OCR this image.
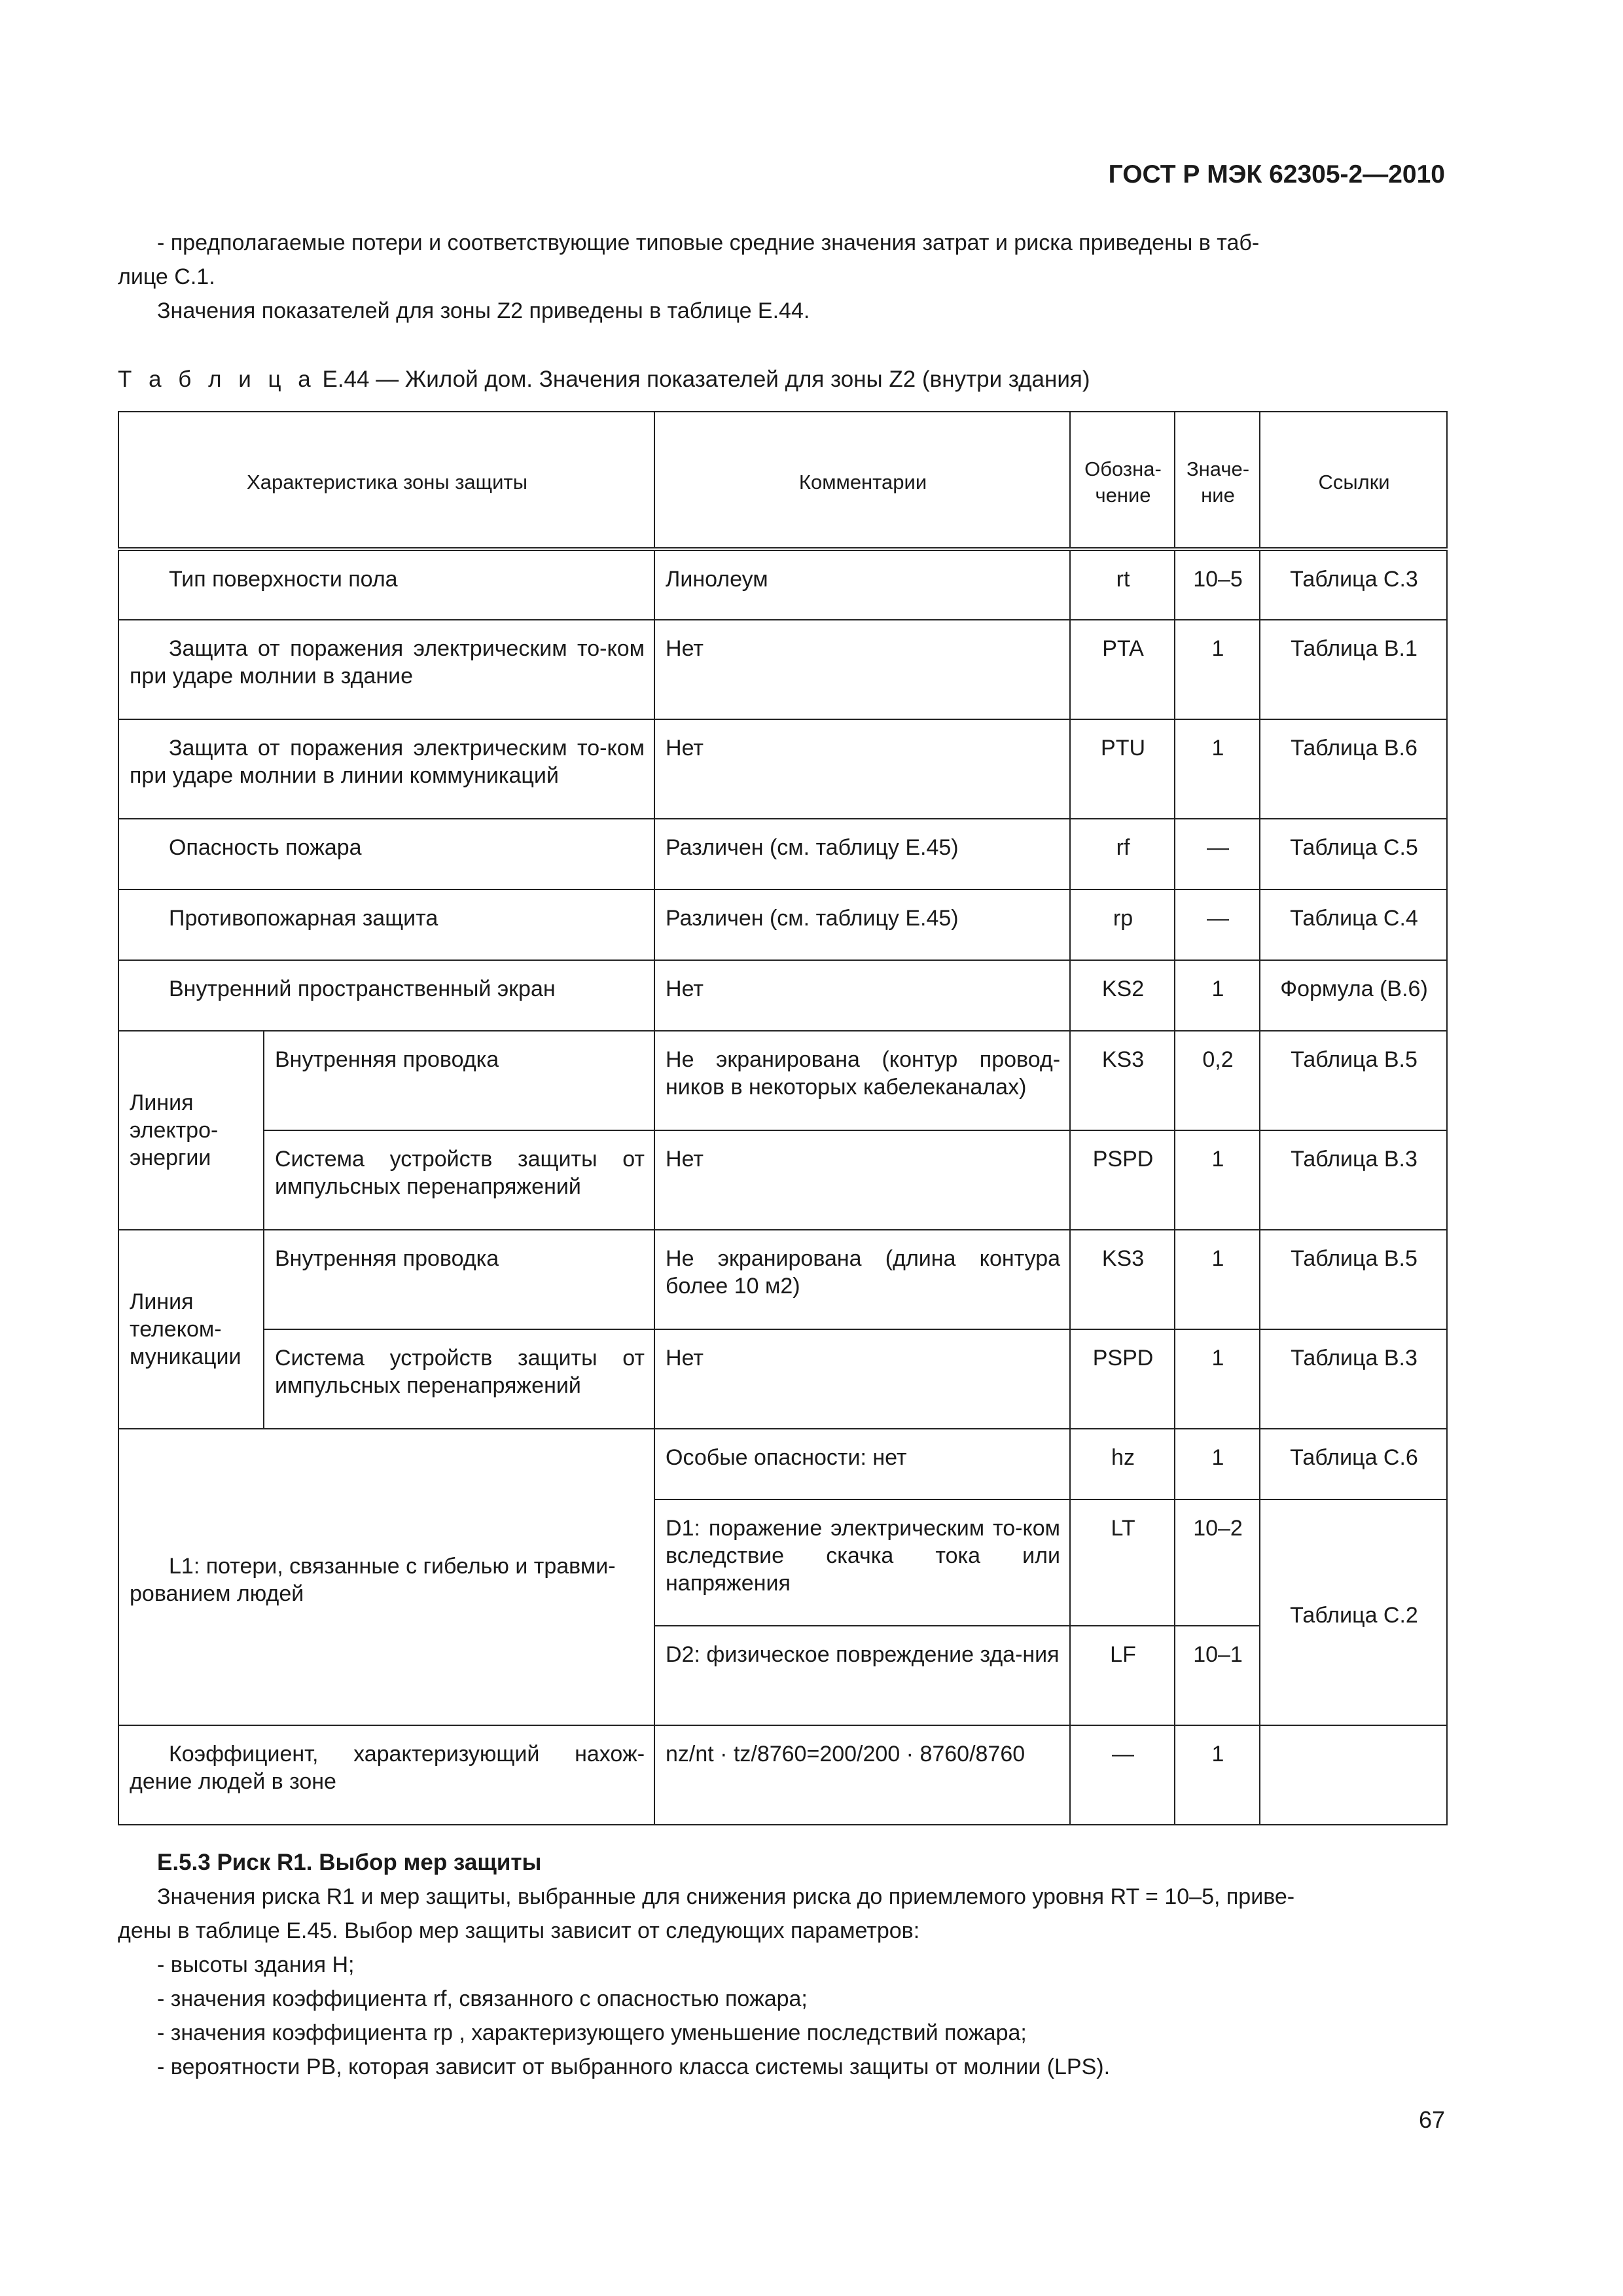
ГОСТ Р МЭК 62305-2—2010
- предполагаемые потери и соответствующие типовые средние значения затрат и риска приведены в таб-
лице С.1.
Значения показателей для зоны Z2 приведены в таблице E.44.
Т а б л и ц а E.44 — Жилой дом. Значения показателей для зоны Z2 (внутри здания)
Характеристика зоны защиты		Комментарии	Обозна-чение	Значе-ние	Ссылки
Тип поверхности пола		Линолеум	rt	10–5	Таблица С.3
Защита от поражения электрическим то-ком при ударе молнии в здание		Нет	PTA	1	Таблица В.1
Защита от поражения электрическим то-ком при ударе молнии в линии коммуникаций		Нет	PTU	1	Таблица В.6
Опасность пожара		Различен (см. таблицу E.45)	rf	—	Таблица С.5
Противопожарная защита		Различен (см. таблицу E.45)	rp	—	Таблица С.4
Внутренний пространственный экран		Нет	KS2	1	Формула (В.6)
Линия электро-энергии	Внутренняя проводка	Не экранирована (контур провод-ников в некоторых кабелеканалах)	KS3	0,2	Таблица В.5
	Система устройств защиты от импульсных перенапряжений	Нет	PSPD	1	Таблица В.3
Линия телеком-муникации	Внутренняя проводка	Не экранирована (длина контура более 10 м2)	KS3	1	Таблица В.5
	Система устройств защиты от импульсных перенапряжений	Нет	PSPD	1	Таблица В.3
L1: потери, связанные с гибелью и травми-рованием людей		Особые опасности: нет	hz	1	Таблица С.6
		D1: поражение электрическим то-ком вследствие скачка тока или напряжения	LT	10–2	Таблица С.2
		D2: физическое повреждение зда-ния	LF	10–1	
Коэффициент, характеризующий нахож-дение людей в зоне		nz/nt · tz/8760=200/200 · 8760/8760	—	1	
E.5.3 Риск R1. Выбор мер защиты
Значения риска R1 и мер защиты, выбранные для снижения риска до приемлемого уровня RT = 10–5, приве-
дены в таблице E.45. Выбор мер защиты зависит от следующих параметров:
- высоты здания H;
- значения коэффициента rf, связанного с опасностью пожара;
- значения коэффициента rp , характеризующего уменьшение последствий пожара;
- вероятности PB, которая зависит от выбранного класса системы защиты от молнии (LPS).
67
